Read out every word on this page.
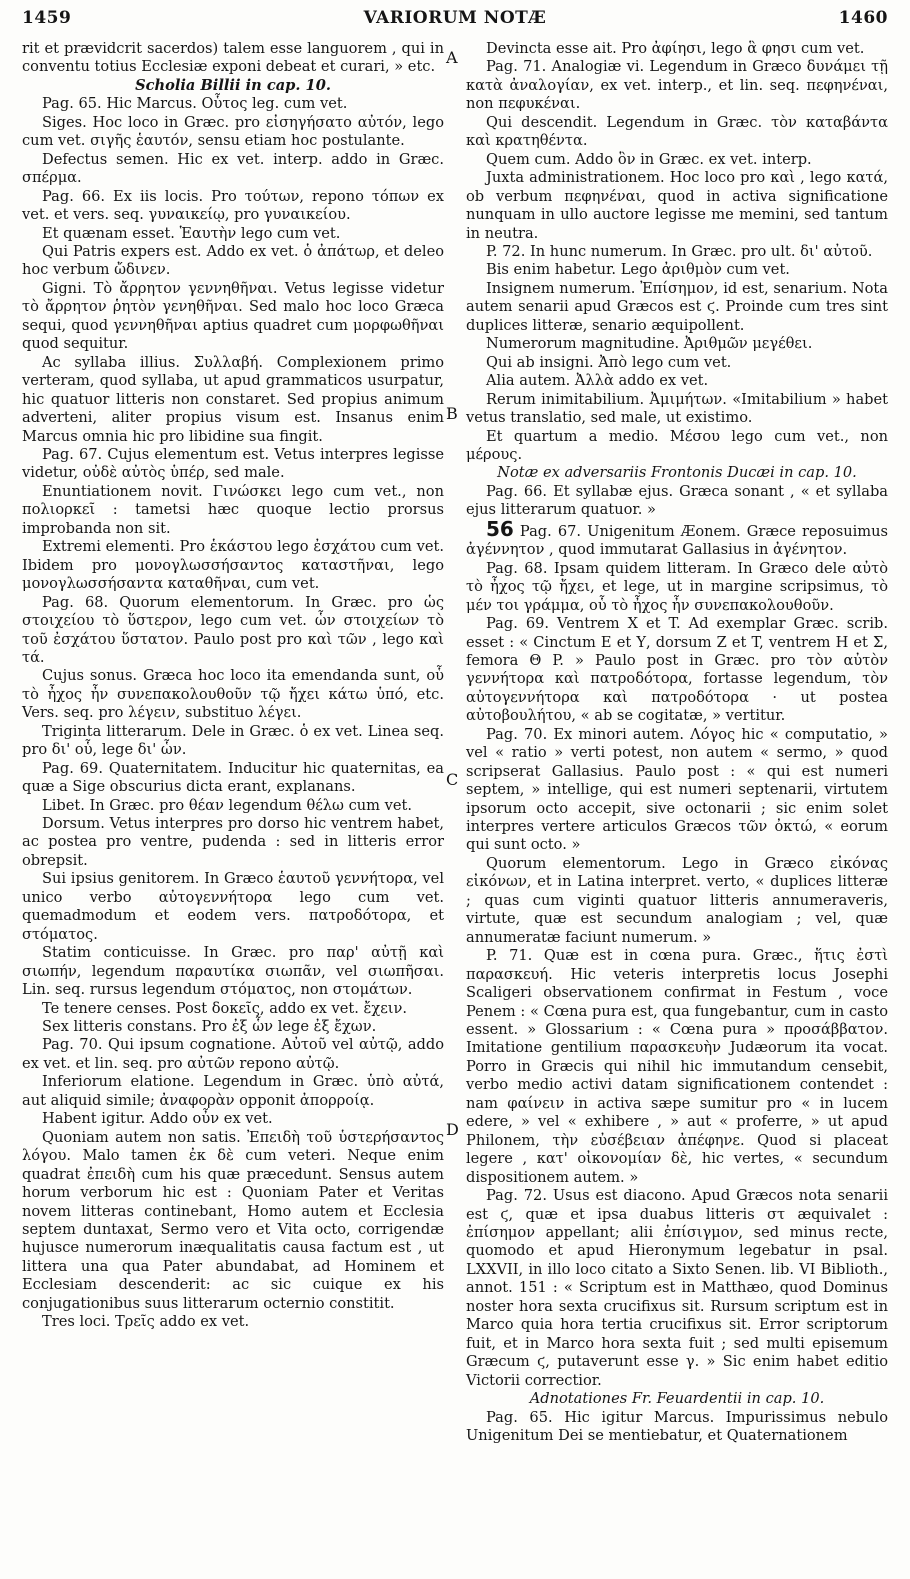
1459	VARIORUM NOTÆ	1460
A
B
C
D

rit et prævidcrit sacerdos) talem esse languorem , qui in conventu totius Ecclesiæ exponi debeat et curari, » etc.

Scholia Billii in cap. 10.

Pag. 65. Hic Marcus. Οὗτος leg. cum vet.

Siges. Hoc loco in Græc. pro εἰσηγήσατο αὐτόν, lego cum vet. σιγῆς ἑαυτόν, sensu etiam hoc postulante.

Defectus semen. Hic ex vet. interp. addo in Græc. σπέρμα.

Pag. 66. Ex iis locis. Pro τούτων, repono τόπων ex vet. et vers. seq. γυναικείῳ, pro γυναικείου.

Et quænam esset. Ἑαυτὴν lego cum vet.

Qui Patris expers est. Addo ex vet. ὁ ἀπάτωρ, et deleo hoc verbum ὤδινεν.

Gigni. Τὸ ἄρρητον γεννηθῆναι. Vetus legisse videtur τὸ ἄρρητον ῥητὸν γενηθῆναι. Sed malo hoc loco Græca sequi, quod γεννηθῆναι aptius quadret cum μορφωθῆναι quod sequitur.

Ac syllaba illius. Συλλαβή. Complexionem primo verteram, quod syllaba, ut apud grammaticos usurpatur, hic quatuor litteris non constaret. Sed propius animum adverteni, aliter propius visum est. Insanus enim Marcus omnia hic pro libidine sua fingit.

Pag. 67. Cujus elementum est. Vetus interpres legisse videtur, οὐδὲ αὐτὸς ὑπέρ, sed male.

Enuntiationem novit. Γινώσκει lego cum vet., non πολιορκεῖ : tametsi hæc quoque lectio prorsus improbanda non sit.

Extremi elementi. Pro ἑκάστου lego ἐσχάτου cum vet. Ibidem pro μονογλωσσήσαντος καταστῆναι, lego μονογλωσσήσαντα καταθῆναι, cum vet.

Pag. 68. Quorum elementorum. In Græc. pro ὡς στοιχείου τὸ ὕστερον, lego cum vet. ὧν στοιχείων τὸ τοῦ ἐσχάτου ὕστατον. Paulo post pro καὶ τῶν , lego καὶ τά.

Cujus sonus. Græca hoc loco ita emendanda sunt, οὗ τὸ ἦχος ἦν συνεπακολουθοῦν τῷ ἤχει κάτω ὑπό, etc. Vers. seq. pro λέγειν, substituo λέγει.

Triginta litterarum. Dele in Græc. ὁ ex vet. Linea seq. pro δι' οὗ, lege δι' ὧν.

Pag. 69. Quaternitatem. Inducitur hic quaternitas, ea quæ a Sige obscurius dicta erant, explanans.

Libet. In Græc. pro θέαν legendum θέλω cum vet.

Dorsum. Vetus interpres pro dorso hic ventrem habet, ac postea pro ventre, pudenda : sed in litteris error obrepsit.

Sui ipsius genitorem. In Græco ἑαυτοῦ γεννήτορα, vel unico verbo αὐτογεννήτορα lego cum vet. quemadmodum et eodem vers. πατροδότορα, et στόματος.

Statim conticuisse. In Græc. pro παρ' αὐτῇ καὶ σιωπήν, legendum παραυτίκα σιωπᾶν, vel σιωπῆσαι. Lin. seq. rursus legendum στόματος, non στομάτων.

Te tenere censes. Post δοκεῖς, addo ex vet. ἔχειν.

Sex litteris constans. Pro ἐξ ὧν lege ἐξ ἔχων.

Pag. 70. Qui ipsum cognatione. Αὐτοῦ vel αὐτῷ, addo ex vet. et lin. seq. pro αὐτῶν repono αὐτῷ.

Inferiorum elatione. Legendum in Græc. ὑπὸ αὐτά, aut aliquid simile; ἀναφορὰν opponit ἀπορροίᾳ.

Habent igitur. Addo οὖν ex vet.

Quoniam autem non satis. Ἐπειδὴ τοῦ ὑστερήσαντος λόγου. Malo tamen ἐκ δὲ cum veteri. Neque enim quadrat ἐπειδὴ cum his quæ præcedunt. Sensus autem horum verborum hic est : Quoniam Pater et Veritas novem litteras continebant, Homo autem et Ecclesia septem duntaxat, Sermo vero et Vita octo, corrigendæ hujusce numerorum inæqualitatis causa factum est , ut littera una qua Pater abundabat, ad Hominem et Ecclesiam descenderit: ac sic cuique ex his conjugationibus suus litterarum octernio constitit.

Tres loci. Τρεῖς addo ex vet.

Devincta esse ait. Pro ἀφίησι, lego ἃ φησι cum vet.

Pag. 71. Analogiæ vi. Legendum in Græco δυνάμει τῇ κατὰ ἀναλογίαν, ex vet. interp., et lin. seq. πεφηνέναι, non πεφυκέναι.

Qui descendit. Legendum in Græc. τὸν καταβάντα καὶ κρατηθέντα.

Quem cum. Addo ὃν in Græc. ex vet. interp.

Juxta administrationem. Hoc loco pro καὶ , lego κατά, ob verbum πεφηνέναι, quod in activa significatione nunquam in ullo auctore legisse me memini, sed tantum in neutra.

P. 72. In hunc numerum. In Græc. pro ult. δι' αὐτοῦ.

Bis enim habetur. Lego ἀριθμὸν cum vet.

Insignem numerum. Ἐπίσημον, id est, senarium. Nota autem senarii apud Græcos est ϛ. Proinde cum tres sint duplices litteræ, senario æquipollent.

Numerorum magnitudine. Ἀριθμῶν μεγέθει.

Qui ab insigni. Ἀπὸ lego cum vet.

Alia autem. Ἀλλὰ addo ex vet.

Rerum inimitabilium. Ἀμιμήτων. «Imitabilium » habet vetus translatio, sed male, ut existimo.

Et quartum a medio. Μέσου lego cum vet., non μέρους.

Notæ ex adversariis Frontonis Ducæi in cap. 10.

Pag. 66. Et syllabæ ejus. Græca sonant , « et syllaba ejus litterarum quatuor. »

56 Pag. 67. Unigenitum Æonem. Græce reposuimus ἀγέννητον , quod immutarat Gallasius in ἀγένητον.

Pag. 68. Ipsam quidem litteram. In Græco dele αὐτὸ τὸ ἦχος τῷ ἤχει, et lege, ut in margine scripsimus, τὸ μέν τοι γράμμα, οὗ τὸ ἦχος ἦν συνεπακολουθοῦν.

Pag. 69. Ventrem X et T. Ad exemplar Græc. scrib. esset : « Cinctum E et Υ, dorsum Z et T, ventrem H et Σ, femora Θ P. » Paulo post in Græc. pro τὸν αὐτὸν γεννήτορα καὶ πατροδότορα, fortasse legendum, τὸν αὐτογεννήτορα καὶ πατροδότορα · ut postea αὐτοβουλήτου, « ab se cogitatæ, » vertitur.

Pag. 70. Ex minori autem. Λόγος hic « computatio, » vel « ratio » verti potest, non autem « sermo, » quod scripserat Gallasius. Paulo post : « qui est numeri septem, » intellige, qui est numeri septenarii, virtutem ipsorum octo accepit, sive octonarii ; sic enim solet interpres vertere articulos Græcos τῶν ὀκτώ, « eorum qui sunt octo. »

Quorum elementorum. Lego in Græco εἰκόνας εἰκόνων, et in Latina interpret. verto, « duplices litteræ ; quas cum viginti quatuor litteris annumeraveris, virtute, quæ est secundum analogiam ; vel, quæ annumeratæ faciunt numerum. »

P. 71. Quæ est in cœna pura. Græc., ἥτις ἐστὶ παρασκευή. Hic veteris interpretis locus Josephi Scaligeri observationem confirmat in Festum , voce Penem : « Cœna pura est, qua fungebantur, cum in casto essent. » Glossarium : « Cœna pura » προσάββατον. Imitatione gentilium παρασκευὴν Judæorum ita vocat. Porro in Græcis qui nihil hic immutandum censebit, verbo medio activi datam significationem contendet : nam φαίνειν in activa sæpe sumitur pro « in lucem edere, » vel « exhibere , » aut « proferre, » ut apud Philonem, τὴν εὐσέβειαν ἀπέφηνε. Quod si placeat legere , κατ' οἰκονομίαν δὲ, hic vertes, « secundum dispositionem autem. »

Pag. 72. Usus est diacono. Apud Græcos nota senarii est ϛ, quæ et ipsa duabus litteris στ æquivalet : ἐπίσημον appellant; alii ἐπίσιγμον, sed minus recte, quomodo et apud Hieronymum legebatur in psal. LXXVII, in illo loco citato a Sixto Senen. lib. VI Biblioth., annot. 151 : « Scriptum est in Matthæo, quod Dominus noster hora sexta crucifixus sit. Rursum scriptum est in Marco quia hora tertia crucifixus sit. Error scriptorum fuit, et in Marco hora sexta fuit ; sed multi episemum Græcum ϛ, putaverunt esse γ. » Sic enim habet editio Victorii correctior.

Adnotationes Fr. Feuardentii in cap. 10.

Pag. 65. Hic igitur Marcus. Impurissimus nebulo Unigenitum Dei se mentiebatur, et Quaternationem
